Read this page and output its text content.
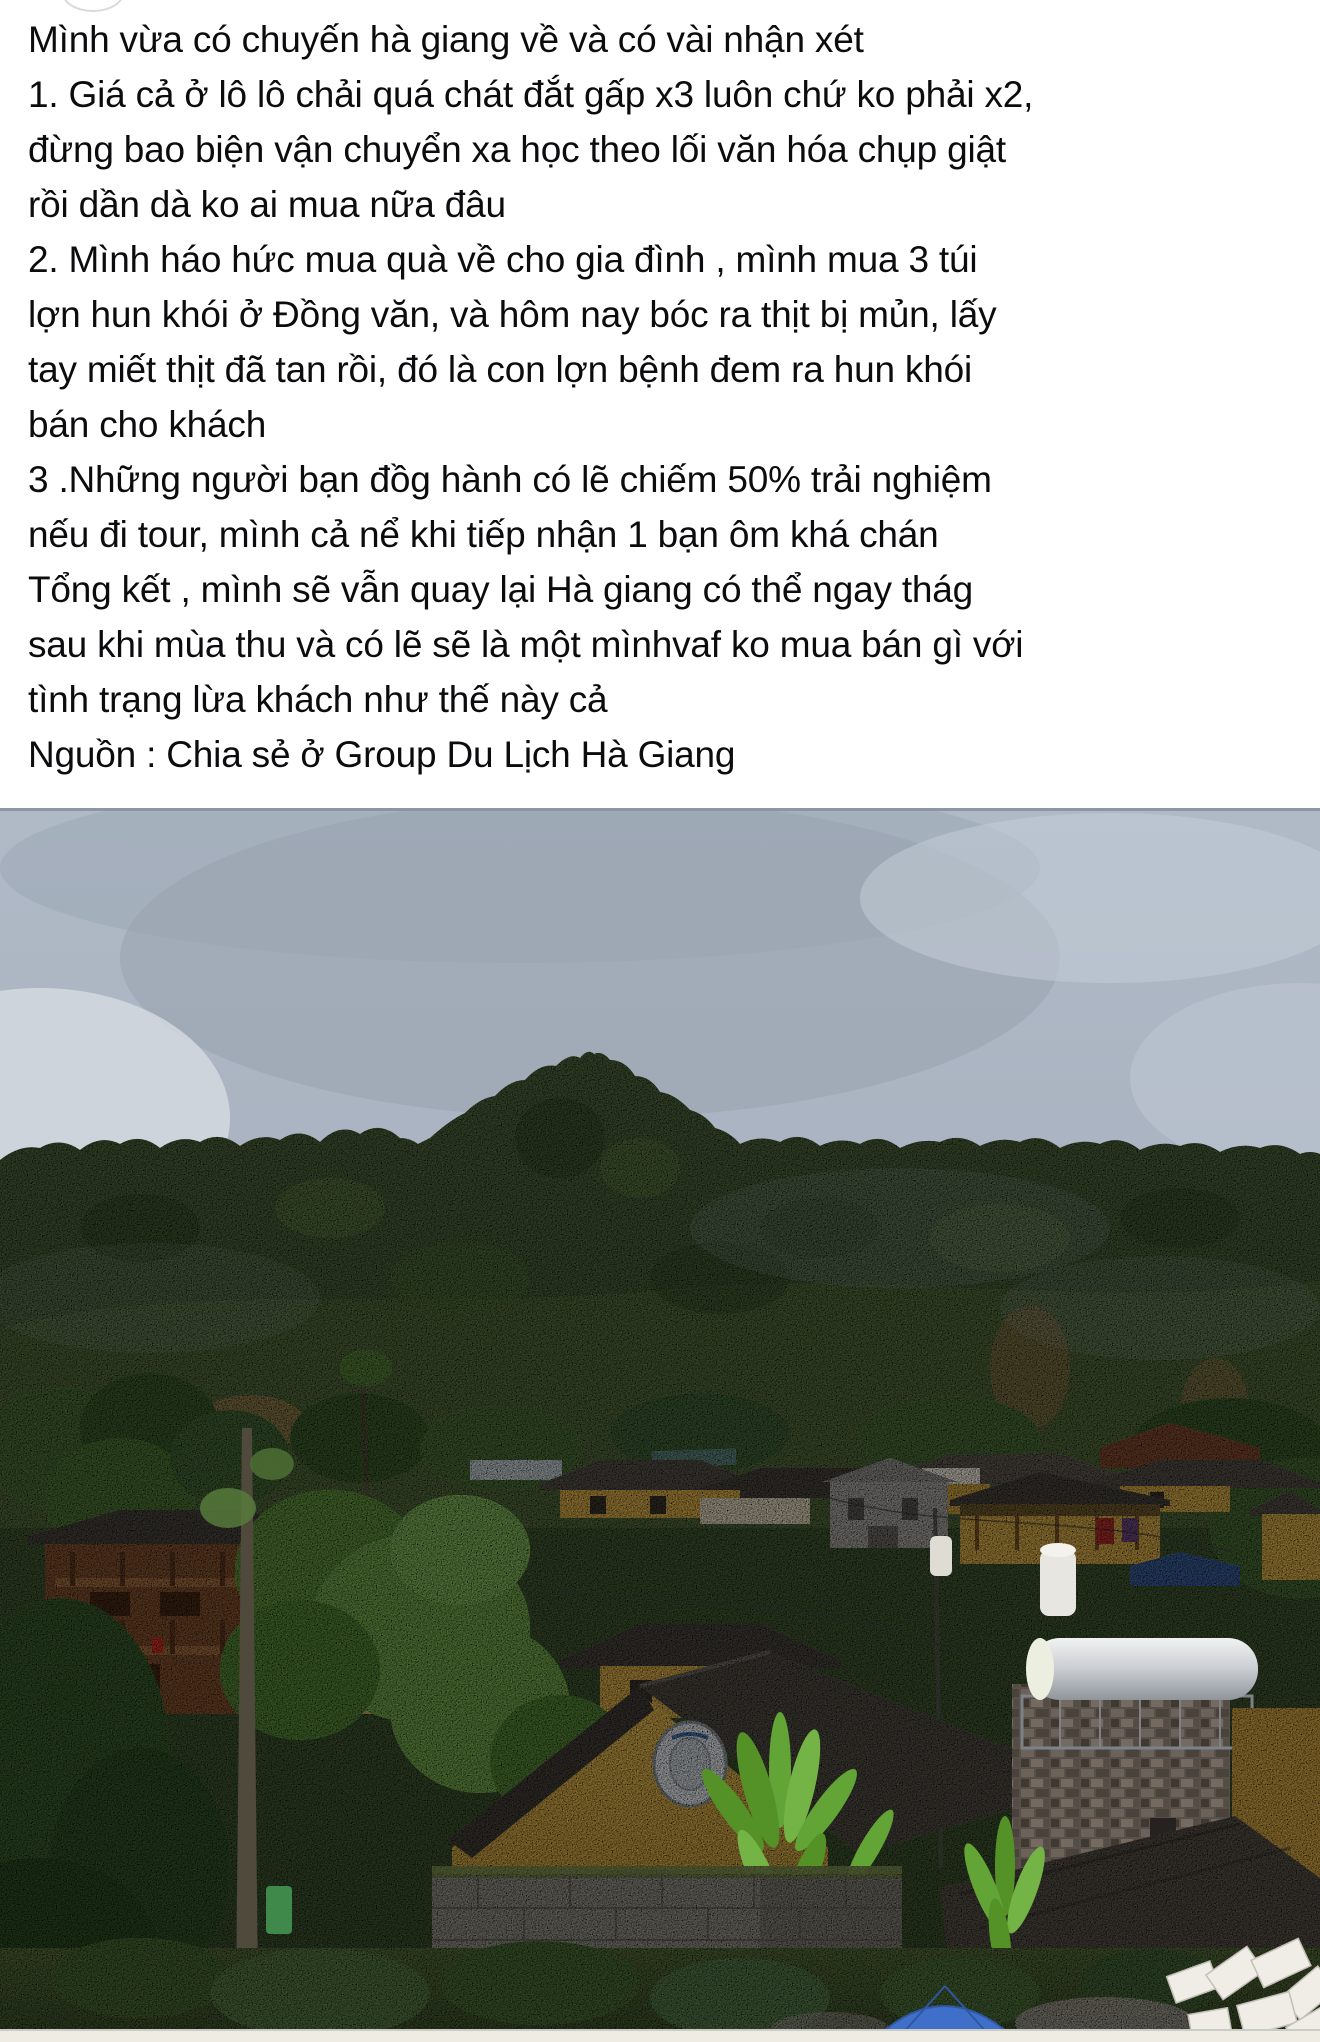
Mình vừa có chuyến hà giang về và có vài nhận xét
1. Giá cả ở lô lô chải quá chát đắt gấp x3 luôn chứ ko phải x2,
đừng bao biện vận chuyển xa học theo lối văn hóa chụp giật
rồi dần dà ko ai mua nữa đâu
2. Mình háo hức mua quà về cho gia đình , mình mua 3 túi
lợn hun khói ở Đồng văn, và hôm nay bóc ra thịt bị mủn, lấy
tay miết thịt đã tan rồi, đó là con lợn bệnh đem ra hun khói
bán cho khách
3 .Những người bạn đồg hành có lẽ chiếm 50% trải nghiệm
nếu đi tour, mình cả nể khi tiếp nhận 1 bạn ôm khá chán
Tổng kết , mình sẽ vẫn quay lại Hà giang có thể ngay thág
sau khi mùa thu và có lẽ sẽ là một mìnhvaf ko mua bán gì với
tình trạng lừa khách như thế này cả
Nguồn : Chia sẻ ở Group Du Lịch Hà Giang
